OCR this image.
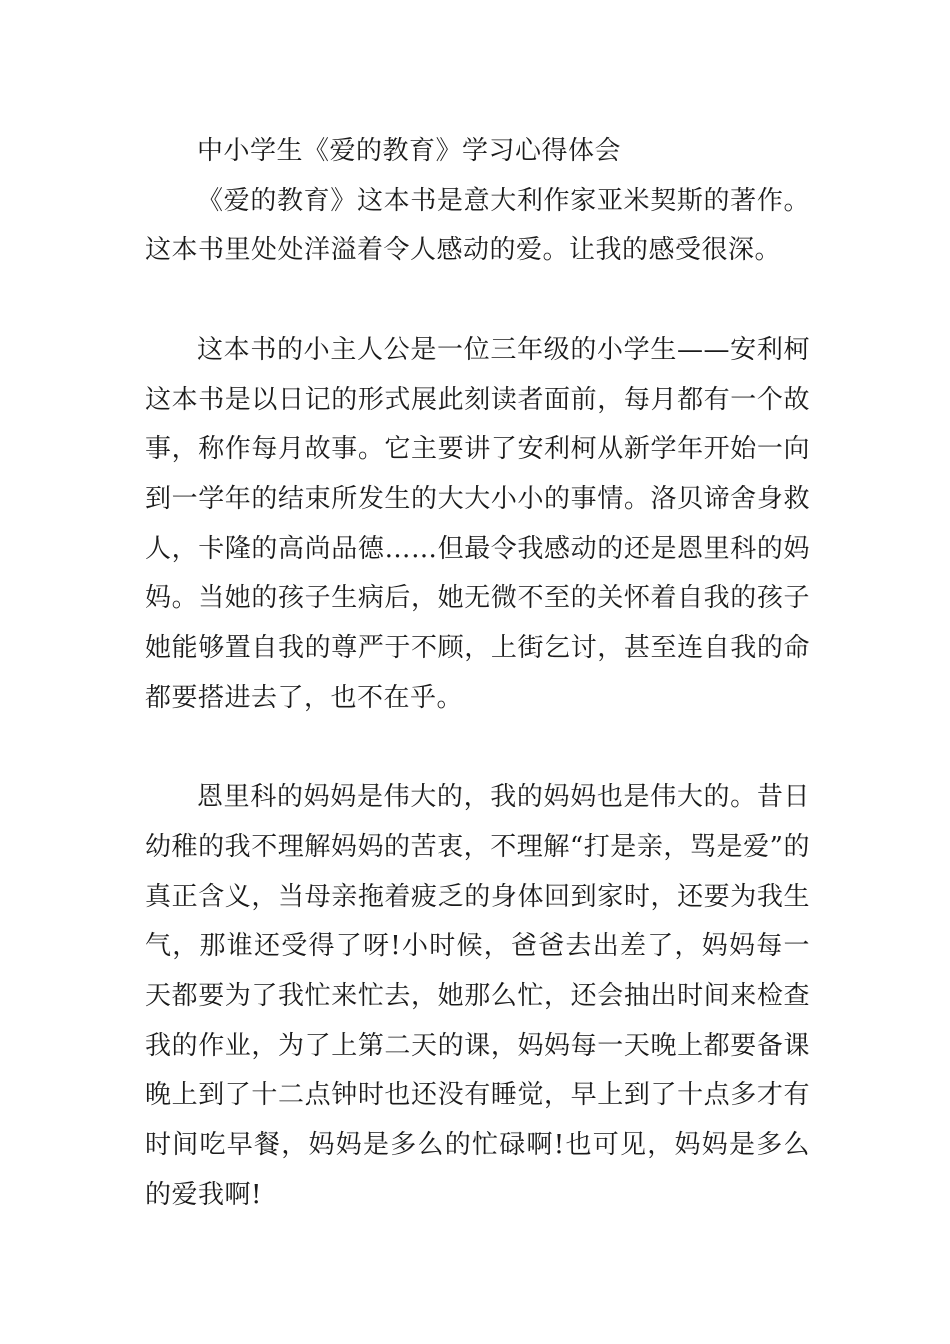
中小学生《爱的教育》学习心得体会

《爱的教育》这本书是意大利作家亚米契斯的著作。这本书里处处洋溢着令人感动的爱。让我的感受很深。

这本书的小主人公是一位三年级的小学生——安利柯这本书是以日记的形式展此刻读者面前，每月都有一个故事，称作每月故事。它主要讲了安利柯从新学年开始一向到一学年的结束所发生的大大小小的事情。洛贝谛舍身救人，卡隆的高尚品德……但最令我感动的还是恩里科的妈妈。当她的孩子生病后，她无微不至的关怀着自我的孩子她能够置自我的尊严于不顾，上街乞讨，甚至连自我的命都要搭进去了，也不在乎。

恩里科的妈妈是伟大的，我的妈妈也是伟大的。昔日幼稚的我不理解妈妈的苦衷，不理解“打是亲，骂是爱”的真正含义，当母亲拖着疲乏的身体回到家时，还要为我生气，那谁还受得了呀!小时候，爸爸去出差了，妈妈每一天都要为了我忙来忙去，她那么忙，还会抽出时间来检查我的作业，为了上第二天的课，妈妈每一天晚上都要备课晚上到了十二点钟时也还没有睡觉，早上到了十点多才有时间吃早餐，妈妈是多么的忙碌啊!也可见，妈妈是多么的爱我啊!
